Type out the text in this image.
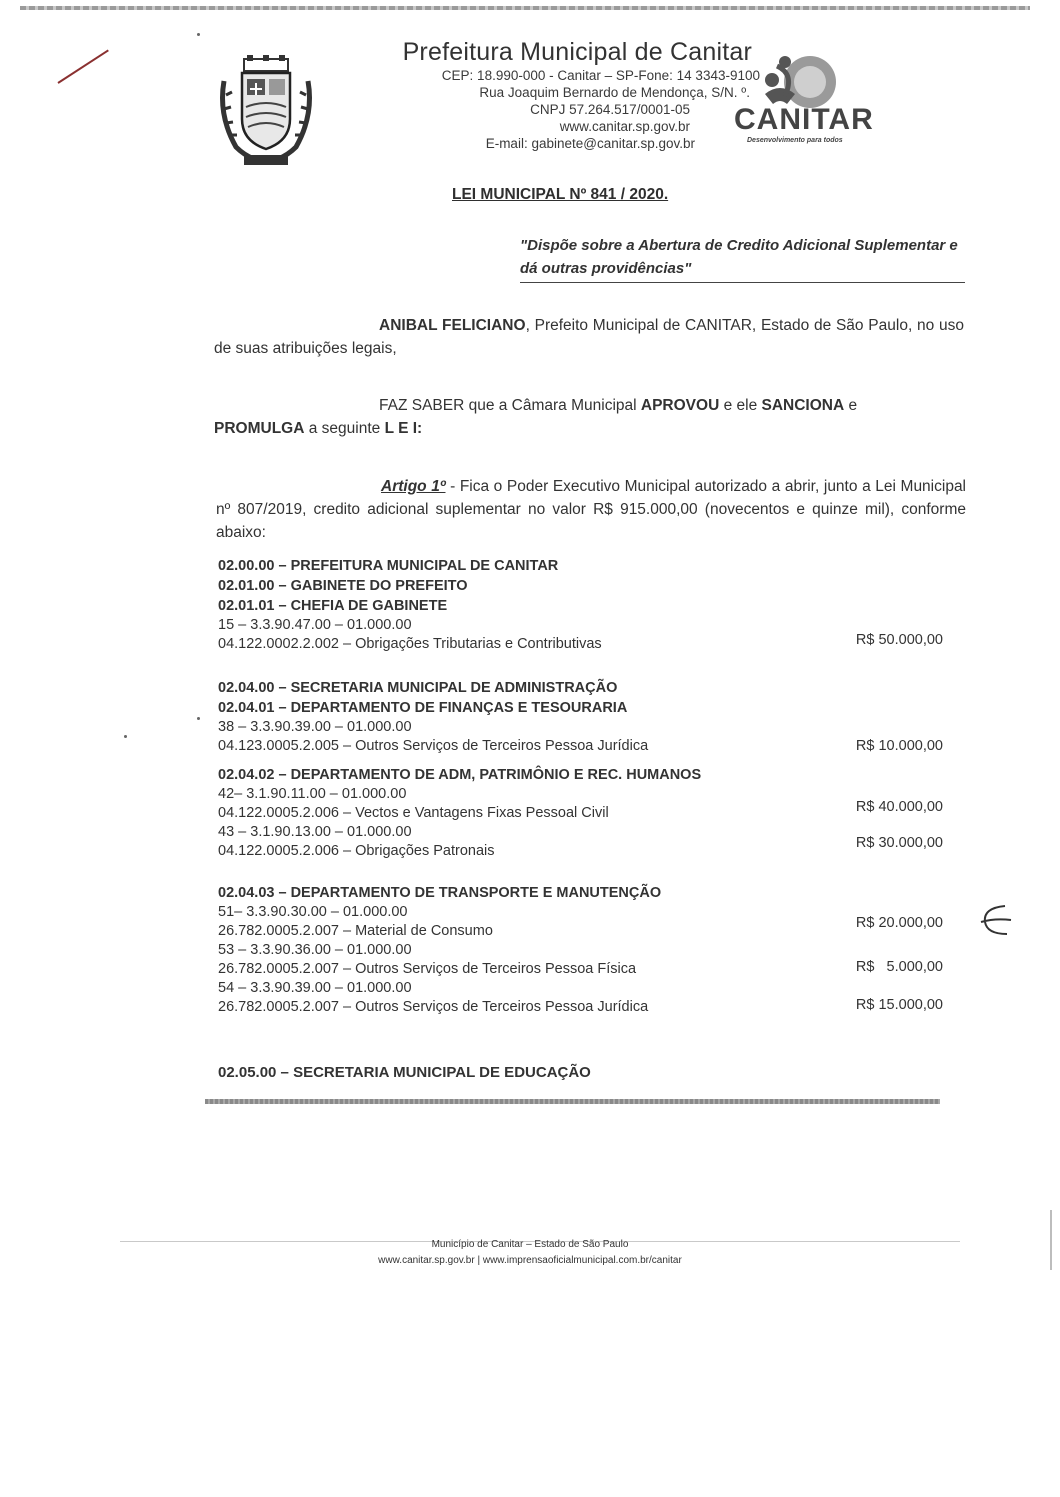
Prefeitura Municipal de Canitar
CEP: 18.990-000 - Canitar – SP-Fone: 14 3343-9100
Rua Joaquim Bernardo de Mendonça, S/N. º.
CNPJ 57.264.517/0001-05
www.canitar.sp.gov.br
E-mail: gabinete@canitar.sp.gov.br
CANITAR
Desenvolvimento para todos
LEI MUNICIPAL Nº 841 / 2020.
"Dispõe sobre a Abertura de Credito Adicional Suplementar e dá outras providências"
ANIBAL FELICIANO, Prefeito Municipal de CANITAR, Estado de São Paulo, no uso de suas atribuições legais,
FAZ SABER que a Câmara Municipal APROVOU e ele SANCIONA e
PROMULGA a seguinte L E I:
Artigo 1º - Fica o Poder Executivo Municipal autorizado a abrir, junto a Lei Municipal nº 807/2019, credito adicional suplementar no valor R$ 915.000,00 (novecentos e quinze mil), conforme abaixo:
02.00.00 – PREFEITURA MUNICIPAL DE CANITAR
02.01.00 – GABINETE DO PREFEITO
02.01.01 – CHEFIA DE GABINETE
15 – 3.3.90.47.00 – 01.000.00
04.122.0002.2.002 – Obrigações Tributarias e Contributivas	R$ 50.000,00
02.04.00 – SECRETARIA MUNICIPAL DE ADMINISTRAÇÃO
02.04.01 – DEPARTAMENTO DE FINANÇAS E TESOURARIA
38 – 3.3.90.39.00 – 01.000.00
04.123.0005.2.005 – Outros Serviços de Terceiros Pessoa Jurídica	R$ 10.000,00
02.04.02 – DEPARTAMENTO DE ADM, PATRIMÔNIO E REC. HUMANOS
42– 3.1.90.11.00 – 01.000.00
04.122.0005.2.006 – Vectos e Vantagens Fixas Pessoal Civil	R$ 40.000,00
43 – 3.1.90.13.00 – 01.000.00
04.122.0005.2.006 – Obrigações Patronais	R$ 30.000,00
02.04.03 – DEPARTAMENTO DE TRANSPORTE E MANUTENÇÃO
51– 3.3.90.30.00 – 01.000.00
26.782.0005.2.007 – Material de Consumo	R$ 20.000,00
53 – 3.3.90.36.00 – 01.000.00
26.782.0005.2.007 – Outros Serviços de Terceiros Pessoa Física	R$   5.000,00
54 – 3.3.90.39.00 – 01.000.00
26.782.0005.2.007 – Outros Serviços de Terceiros Pessoa Jurídica	R$ 15.000,00
02.05.00 – SECRETARIA MUNICIPAL DE EDUCAÇÃO
Município de Canitar – Estado de São Paulo
www.canitar.sp.gov.br | www.imprensaoficialmunicipal.com.br/canitar
